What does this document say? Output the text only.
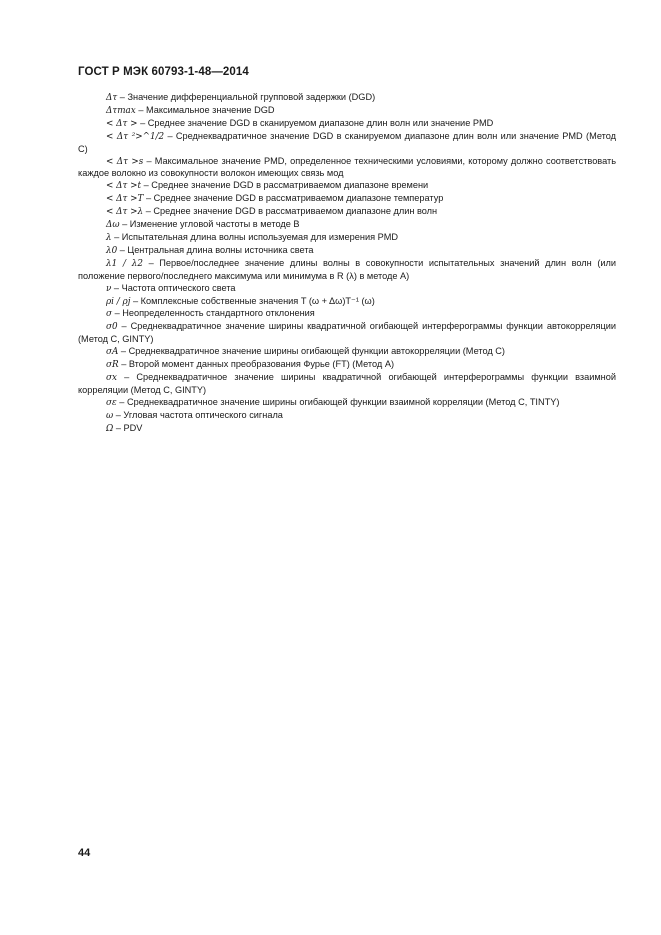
ГОСТ Р МЭК 60793-1-48—2014
Δτ – Значение дифференциальной групповой задержки (DGD)
Δτmax – Максимальное значение DGD
< Δτ > – Среднее значение DGD в сканируемом диапазоне длин волн или значение PMD
< Δτ ²>^1/2 – Среднеквадратичное значение DGD в сканируемом диапазоне длин волн или значение PMD (Метод С)
< Δτ >s – Максимальное значение PMD, определенное техническими условиями, которому должно соответствовать каждое волокно из совокупности волокон имеющих связь мод
< Δτ >t – Среднее значение DGD в рассматриваемом диапазоне времени
< Δτ >T – Среднее значение DGD в рассматриваемом диапазоне температур
< Δτ >λ – Среднее значение DGD в рассматриваемом диапазоне длин волн
Δω – Изменение угловой частоты в методе В
λ – Испытательная длина волны используемая для измерения PMD
λ0 – Центральная длина волны источника света
λ1 / λ2 – Первое/последнее значение длины волны в совокупности испытательных значений длин волн (или положение первого/последнего максимума или минимума в R (λ) в методе А)
ν – Частота оптического света
ρi / ρj – Комплексные собственные значения T (ω + Δω)T⁻¹ (ω)
σ – Неопределенность стандартного отклонения
σ0 – Среднеквадратичное значение ширины квадратичной огибающей интерферограммы функции автокорреляции (Метод С, GINTY)
σA – Среднеквадратичное значение ширины огибающей функции автокорреляции (Метод С)
σR – Второй момент данных преобразования Фурье (FT) (Метод А)
σx – Среднеквадратичное значение ширины квадратичной огибающей интерферограммы функции взаимной корреляции (Метод С, GINTY)
σε – Среднеквадратичное значение ширины огибающей функции взаимной корреляции (Метод С, TINTY)
ω – Угловая частота оптического сигнала
Ω – PDV
44
